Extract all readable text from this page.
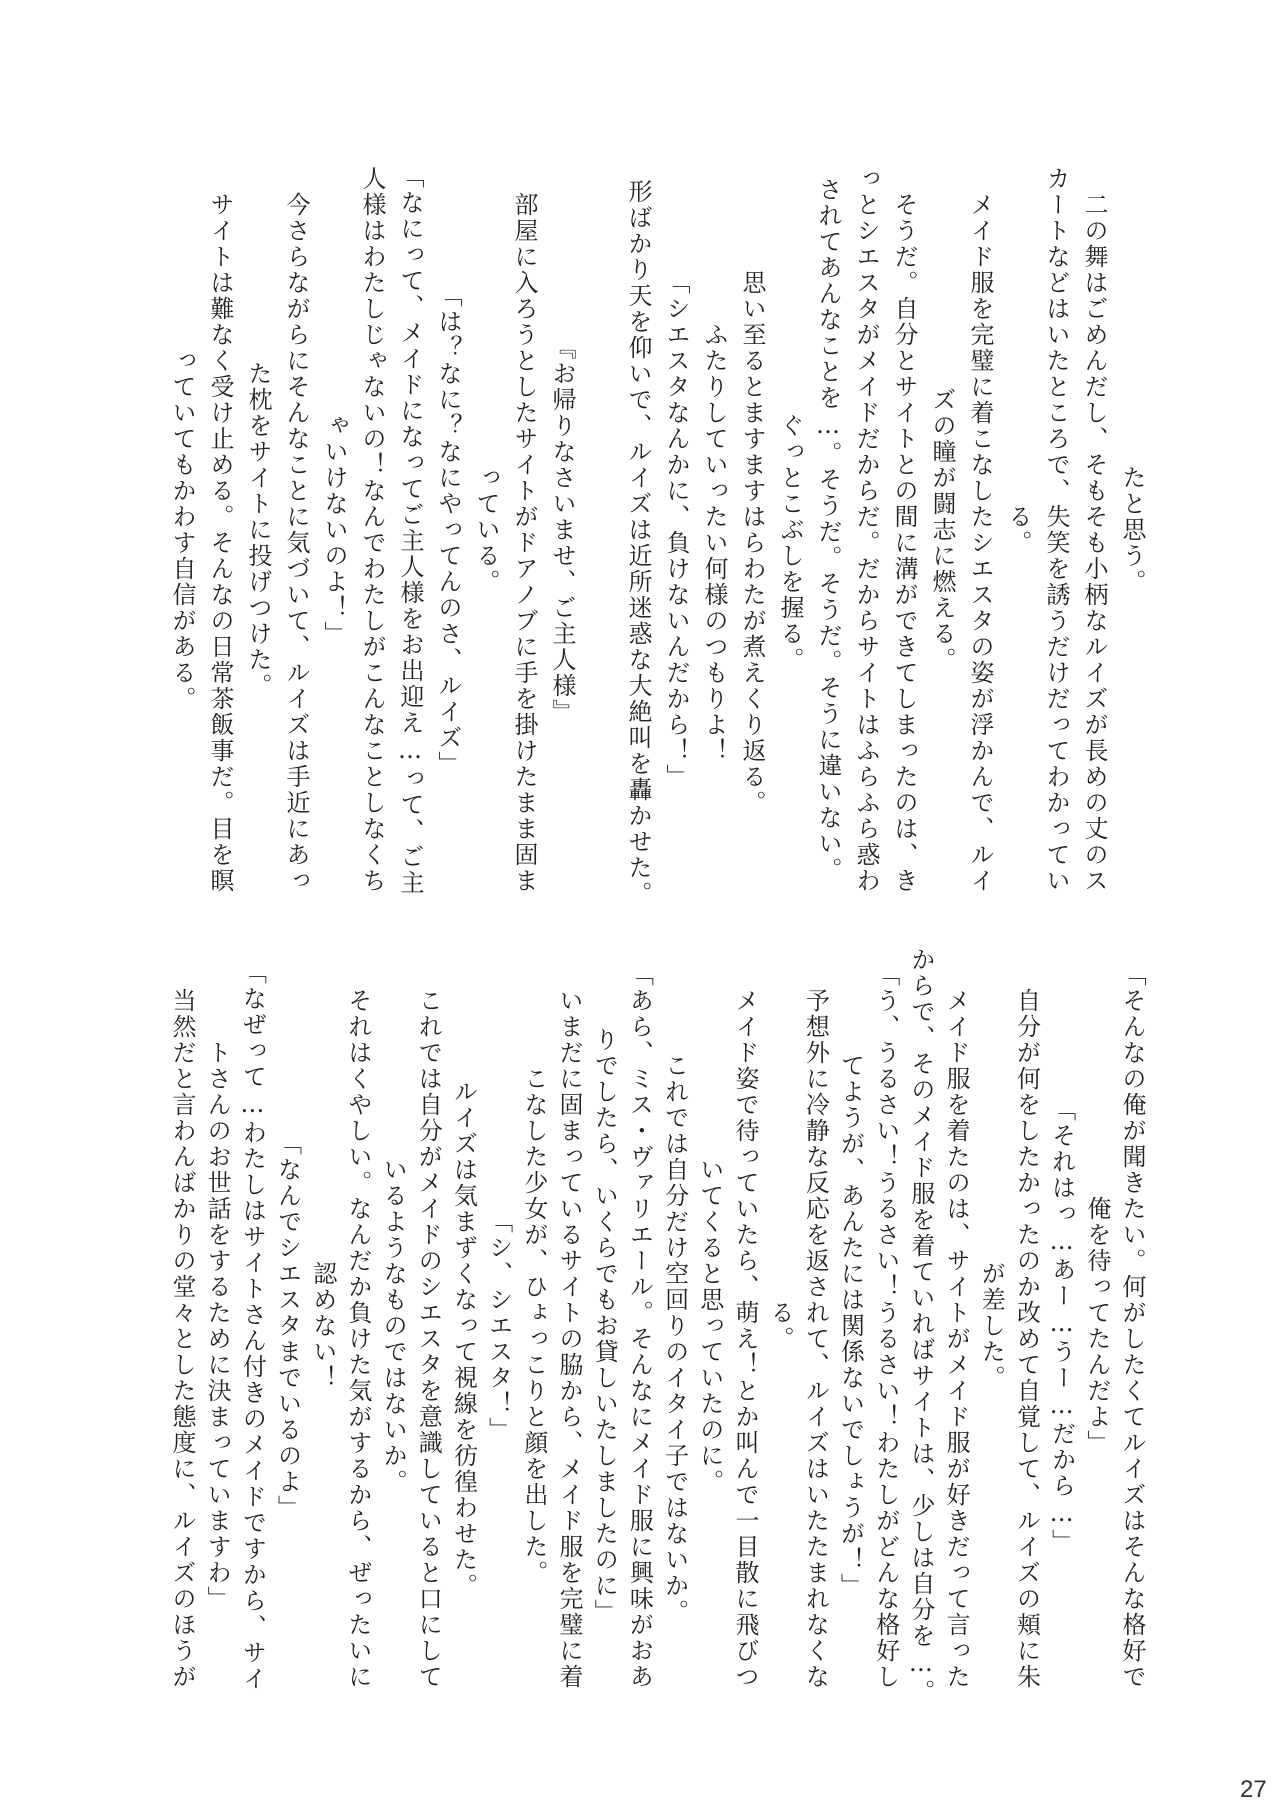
たと思う。
　二の舞はごめんだし、そもそも小柄なルイズが長めの丈のス
カートなどはいたところで、失笑を誘うだけだってわかってい
る。
　メイド服を完璧に着こなしたシエスタの姿が浮かんで、ルイ
ズの瞳が闘志に燃える。
　そうだ。自分とサイトとの間に溝ができてしまったのは、き
っとシエスタがメイドだからだ。だからサイトはふらふら惑わ
されてあんなことを…。そうだ。そうだ。そうに違いない。
　ぐっとこぶしを握る。
　思い至るとますますはらわたが煮えくり返る。
　ふたりしていったい何様のつもりよ！
「シエスタなんかに、負けないんだから！」
　形ばかり天を仰いで、ルイズは近所迷惑な大絶叫を轟かせた。
『お帰りなさいませ、ご主人様』
　部屋に入ろうとしたサイトがドアノブに手を掛けたまま固ま
っている。
「は？なに？なにやってんのさ、ルイズ」
「なにって、メイドになってご主人様をお出迎え…って、ご主
人様はわたしじゃないの！なんでわたしがこんなことしなくち
ゃいけないのよ！」
　今さらながらにそんなことに気づいて、ルイズは手近にあっ
た枕をサイトに投げつけた。
　サイトは難なく受け止める。そんなの日常茶飯事だ。目を瞑
っていてもかわす自信がある。
「そんなの俺が聞きたい。何がしたくてルイズはそんな格好で
俺を待ってたんだよ」
「それはっ…あー…うー…だから…」
　自分が何をしたかったのか改めて自覚して、ルイズの頬に朱
が差した。
　メイド服を着たのは、サイトがメイド服が好きだって言った
からで、そのメイド服を着ていればサイトは、少しは自分を…。
「う、うるさい！うるさい！うるさい！わたしがどんな格好し
てようが、あんたには関係ないでしょうが！」
　予想外に冷静な反応を返されて、ルイズはいたたまれなくな
る。
　メイド姿で待っていたら、萌え！とか叫んで一目散に飛びつ
いてくると思っていたのに。
　これでは自分だけ空回りのイタイ子ではないか。
「あら、ミス・ヴァリエール。そんなにメイド服に興味がおあ
りでしたら、いくらでもお貸しいたしましたのに」
　いまだに固まっているサイトの脇から、メイド服を完璧に着
こなした少女が、ひょっこりと顔を出した。
「シ、シエスタ！」
　ルイズは気まずくなって視線を彷徨わせた。
　これでは自分がメイドのシエスタを意識していると口にして
いるようなものではないか。
　それはくやしい。なんだか負けた気がするから、ぜったいに
認めない！
「なんでシエスタまでいるのよ」
「なぜって…わたしはサイトさん付きのメイドですから、サイ
トさんのお世話をするために決まっていますわ」
　当然だと言わんばかりの堂々とした態度に、ルイズのほうが
27
